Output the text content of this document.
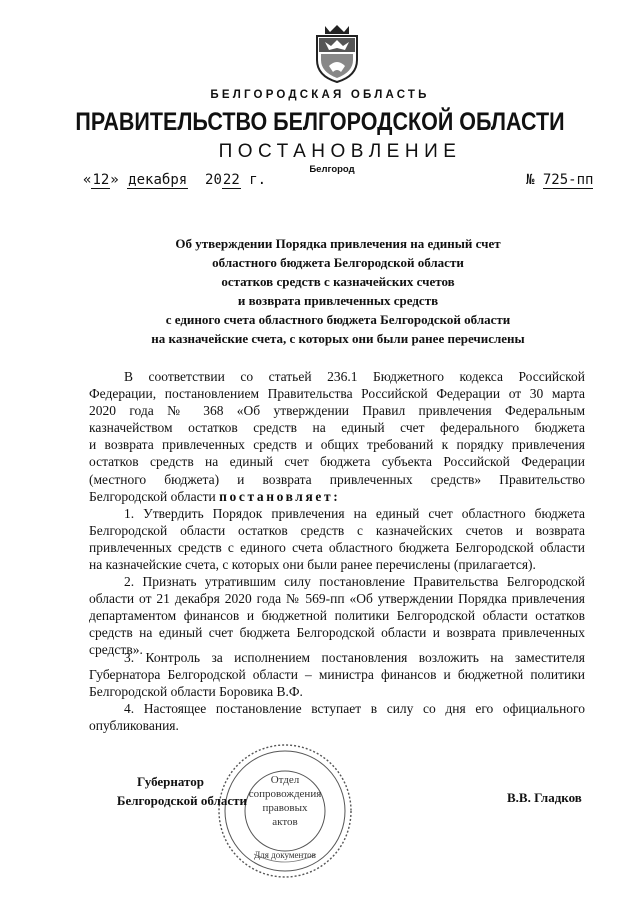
БЕЛГОРОДСКАЯ ОБЛАСТЬ
ПРАВИТЕЛЬСТВО БЕЛГОРОДСКОЙ ОБЛАСТИ
ПОСТАНОВЛЕНИЕ
Белгород
«12» декабря 2022 г.	№ 725-пп
Об утверждении Порядка привлечения на единый счет
областного бюджета Белгородской области
остатков средств с казначейских счетов
и возврата привлеченных средств
с единого счета областного бюджета Белгородской области
на казначейские счета, с которых они были ранее перечислены
В соответствии со статьей 236.1 Бюджетного кодекса Российской
Федерации, постановлением Правительства Российской Федерации от 30 марта
2020 года № 368 «Об утверждении Правил привлечения Федеральным
казначейством остатков средств на единый счет федерального бюджета
и возврата привлеченных средств и общих требований к порядку привлечения
остатков средств на единый счет бюджета субъекта Российской Федерации
(местного бюджета) и возврата привлеченных средств» Правительство
Белгородской области постановляет:
1. Утвердить Порядок привлечения на единый счет областного бюджета
Белгородской области остатков средств с казначейских счетов и возврата
привлеченных средств с единого счета областного бюджета Белгородской области
на казначейские счета, с которых они были ранее перечислены (прилагается).
2. Признать утратившим силу постановление Правительства Белгородской
области от 21 декабря 2020 года № 569-пп «Об утверждении Порядка привлечения
департаментом финансов и бюджетной политики Белгородской области остатков
средств на единый счет бюджета Белгородской области и возврата привлеченных
средств».
3. Контроль за исполнением постановления возложить на заместителя
Губернатора Белгородской области – министра финансов и бюджетной политики
Белгородской области Боровика В.Ф.
4. Настоящее постановление вступает в силу со дня его официального
опубликования.
Отдел
сопровождения
правовых
актов
Для документов
Губернатор
Белгородской области	В.В. Гладков
